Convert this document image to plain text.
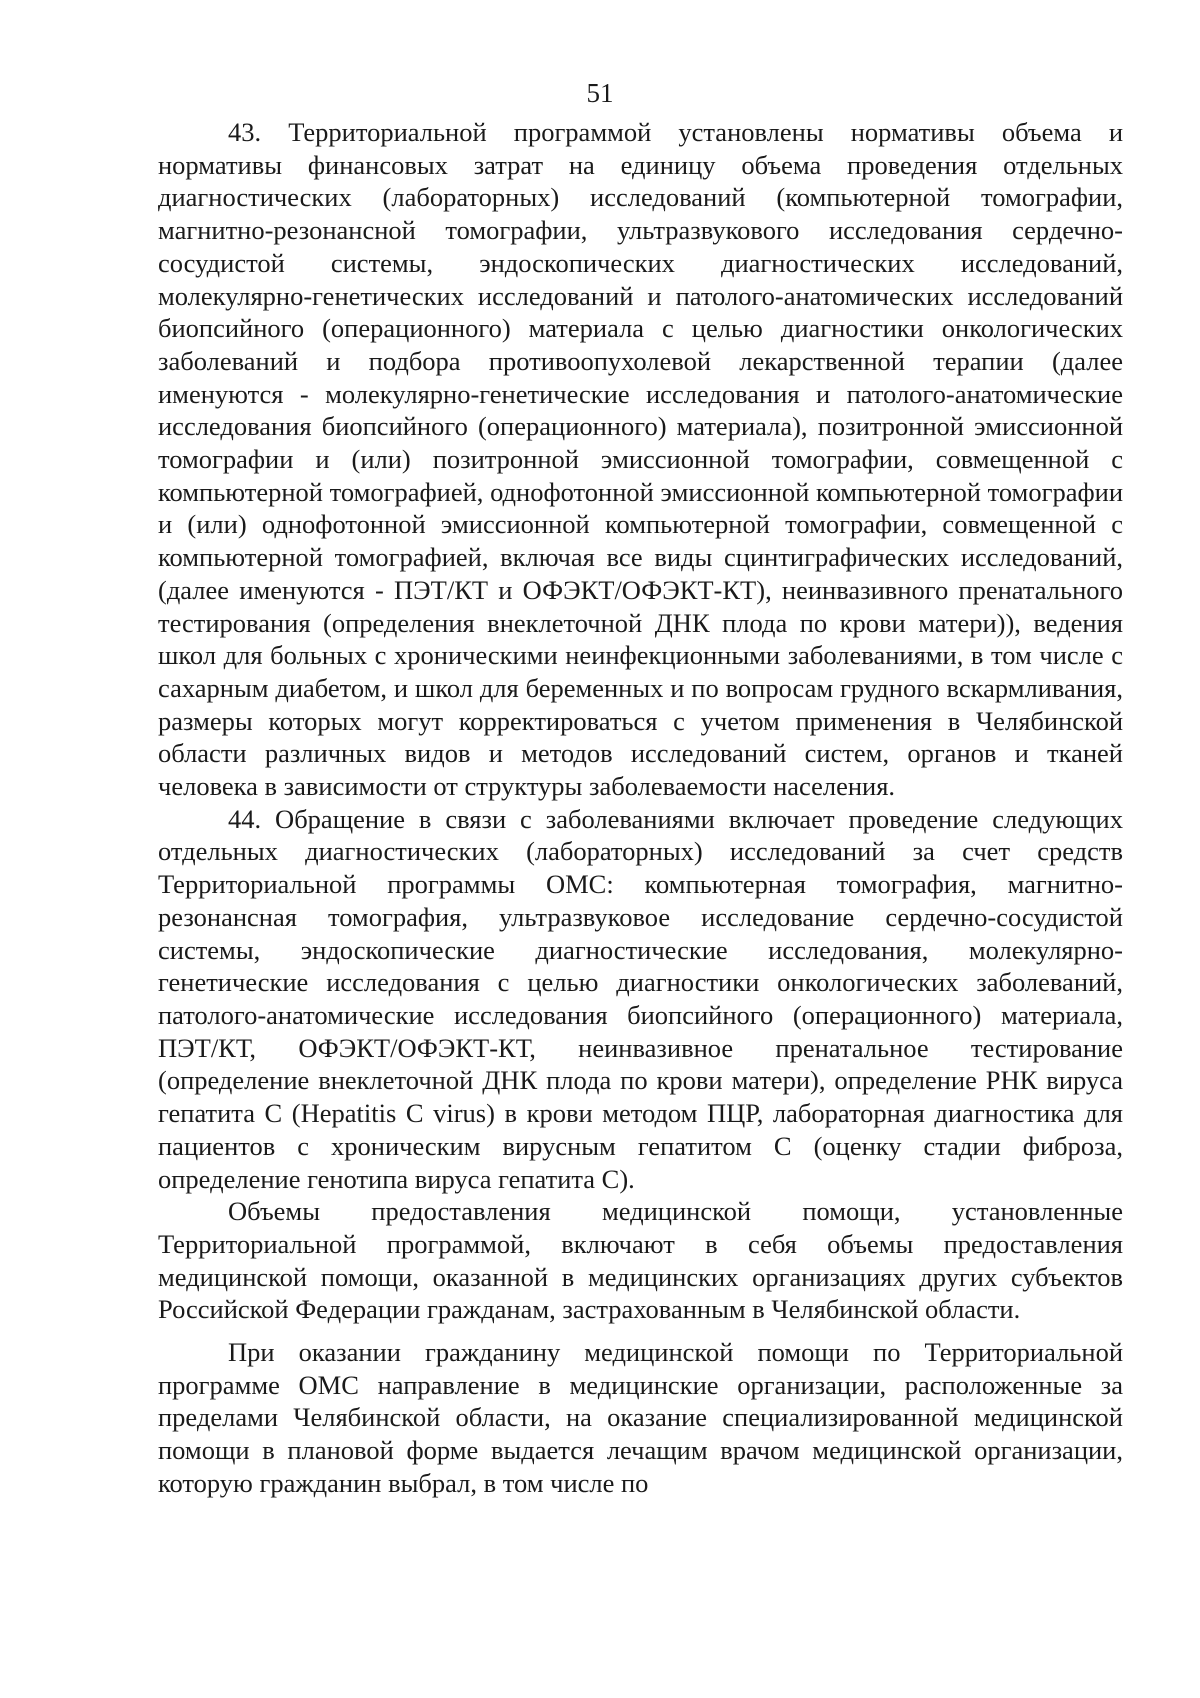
51

43. Территориальной программой установлены нормативы объема и нормативы финансовых затрат на единицу объема проведения отдельных диагностических (лабораторных) исследований (компьютерной томографии, магнитно-резонансной томографии, ультразвукового исследования сердечно-сосудистой системы, эндоскопических диагностических исследований, молекулярно-генетических исследований и патолого-анатомических исследований биопсийного (операционного) материала с целью диагностики онкологических заболеваний и подбора противоопухолевой лекарственной терапии (далее именуются - молекулярно-генетические исследования и патолого-анатомические исследования биопсийного (операционного) материала), позитронной эмиссионной томографии и (или) позитронной эмиссионной томографии, совмещенной с компьютерной томографией, однофотонной эмиссионной компьютерной томографии и (или) однофотонной эмиссионной компьютерной томографии, совмещенной с компьютерной томографией, включая все виды сцинтиграфических исследований, (далее именуются - ПЭТ/КТ и ОФЭКТ/ОФЭКТ-КТ), неинвазивного пренатального тестирования (определения внеклеточной ДНК плода по крови матери)), ведения школ для больных с хроническими неинфекционными заболеваниями, в том числе с сахарным диабетом, и школ для беременных и по вопросам грудного вскармливания, размеры которых могут корректироваться с учетом применения в Челябинской области различных видов и методов исследований систем, органов и тканей человека в зависимости от структуры заболеваемости населения.

44. Обращение в связи с заболеваниями включает проведение следующих отдельных диагностических (лабораторных) исследований за счет средств Территориальной программы ОМС: компьютерная томография, магнитно-резонансная томография, ультразвуковое исследование сердечно-сосудистой системы, эндоскопические диагностические исследования, молекулярно-генетические исследования с целью диагностики онкологических заболеваний, патолого-анатомические исследования биопсийного (операционного) материала, ПЭТ/КТ, ОФЭКТ/ОФЭКТ-КТ, неинвазивное пренатальное тестирование (определение внеклеточной ДНК плода по крови матери), определение РНК вируса гепатита С (Hepatitis С virus) в крови методом ПЦР, лабораторная диагностика для пациентов с хроническим вирусным гепатитом С (оценку стадии фиброза, определение генотипа вируса гепатита С).

Объемы предоставления медицинской помощи, установленные Территориальной программой, включают в себя объемы предоставления медицинской помощи, оказанной в медицинских организациях других субъектов Российской Федерации гражданам, застрахованным в Челябинской области.

При оказании гражданину медицинской помощи по Территориальной программе ОМС направление в медицинские организации, расположенные за пределами Челябинской области, на оказание специализированной медицинской помощи в плановой форме выдается лечащим врачом медицинской организации, которую гражданин выбрал, в том числе по
